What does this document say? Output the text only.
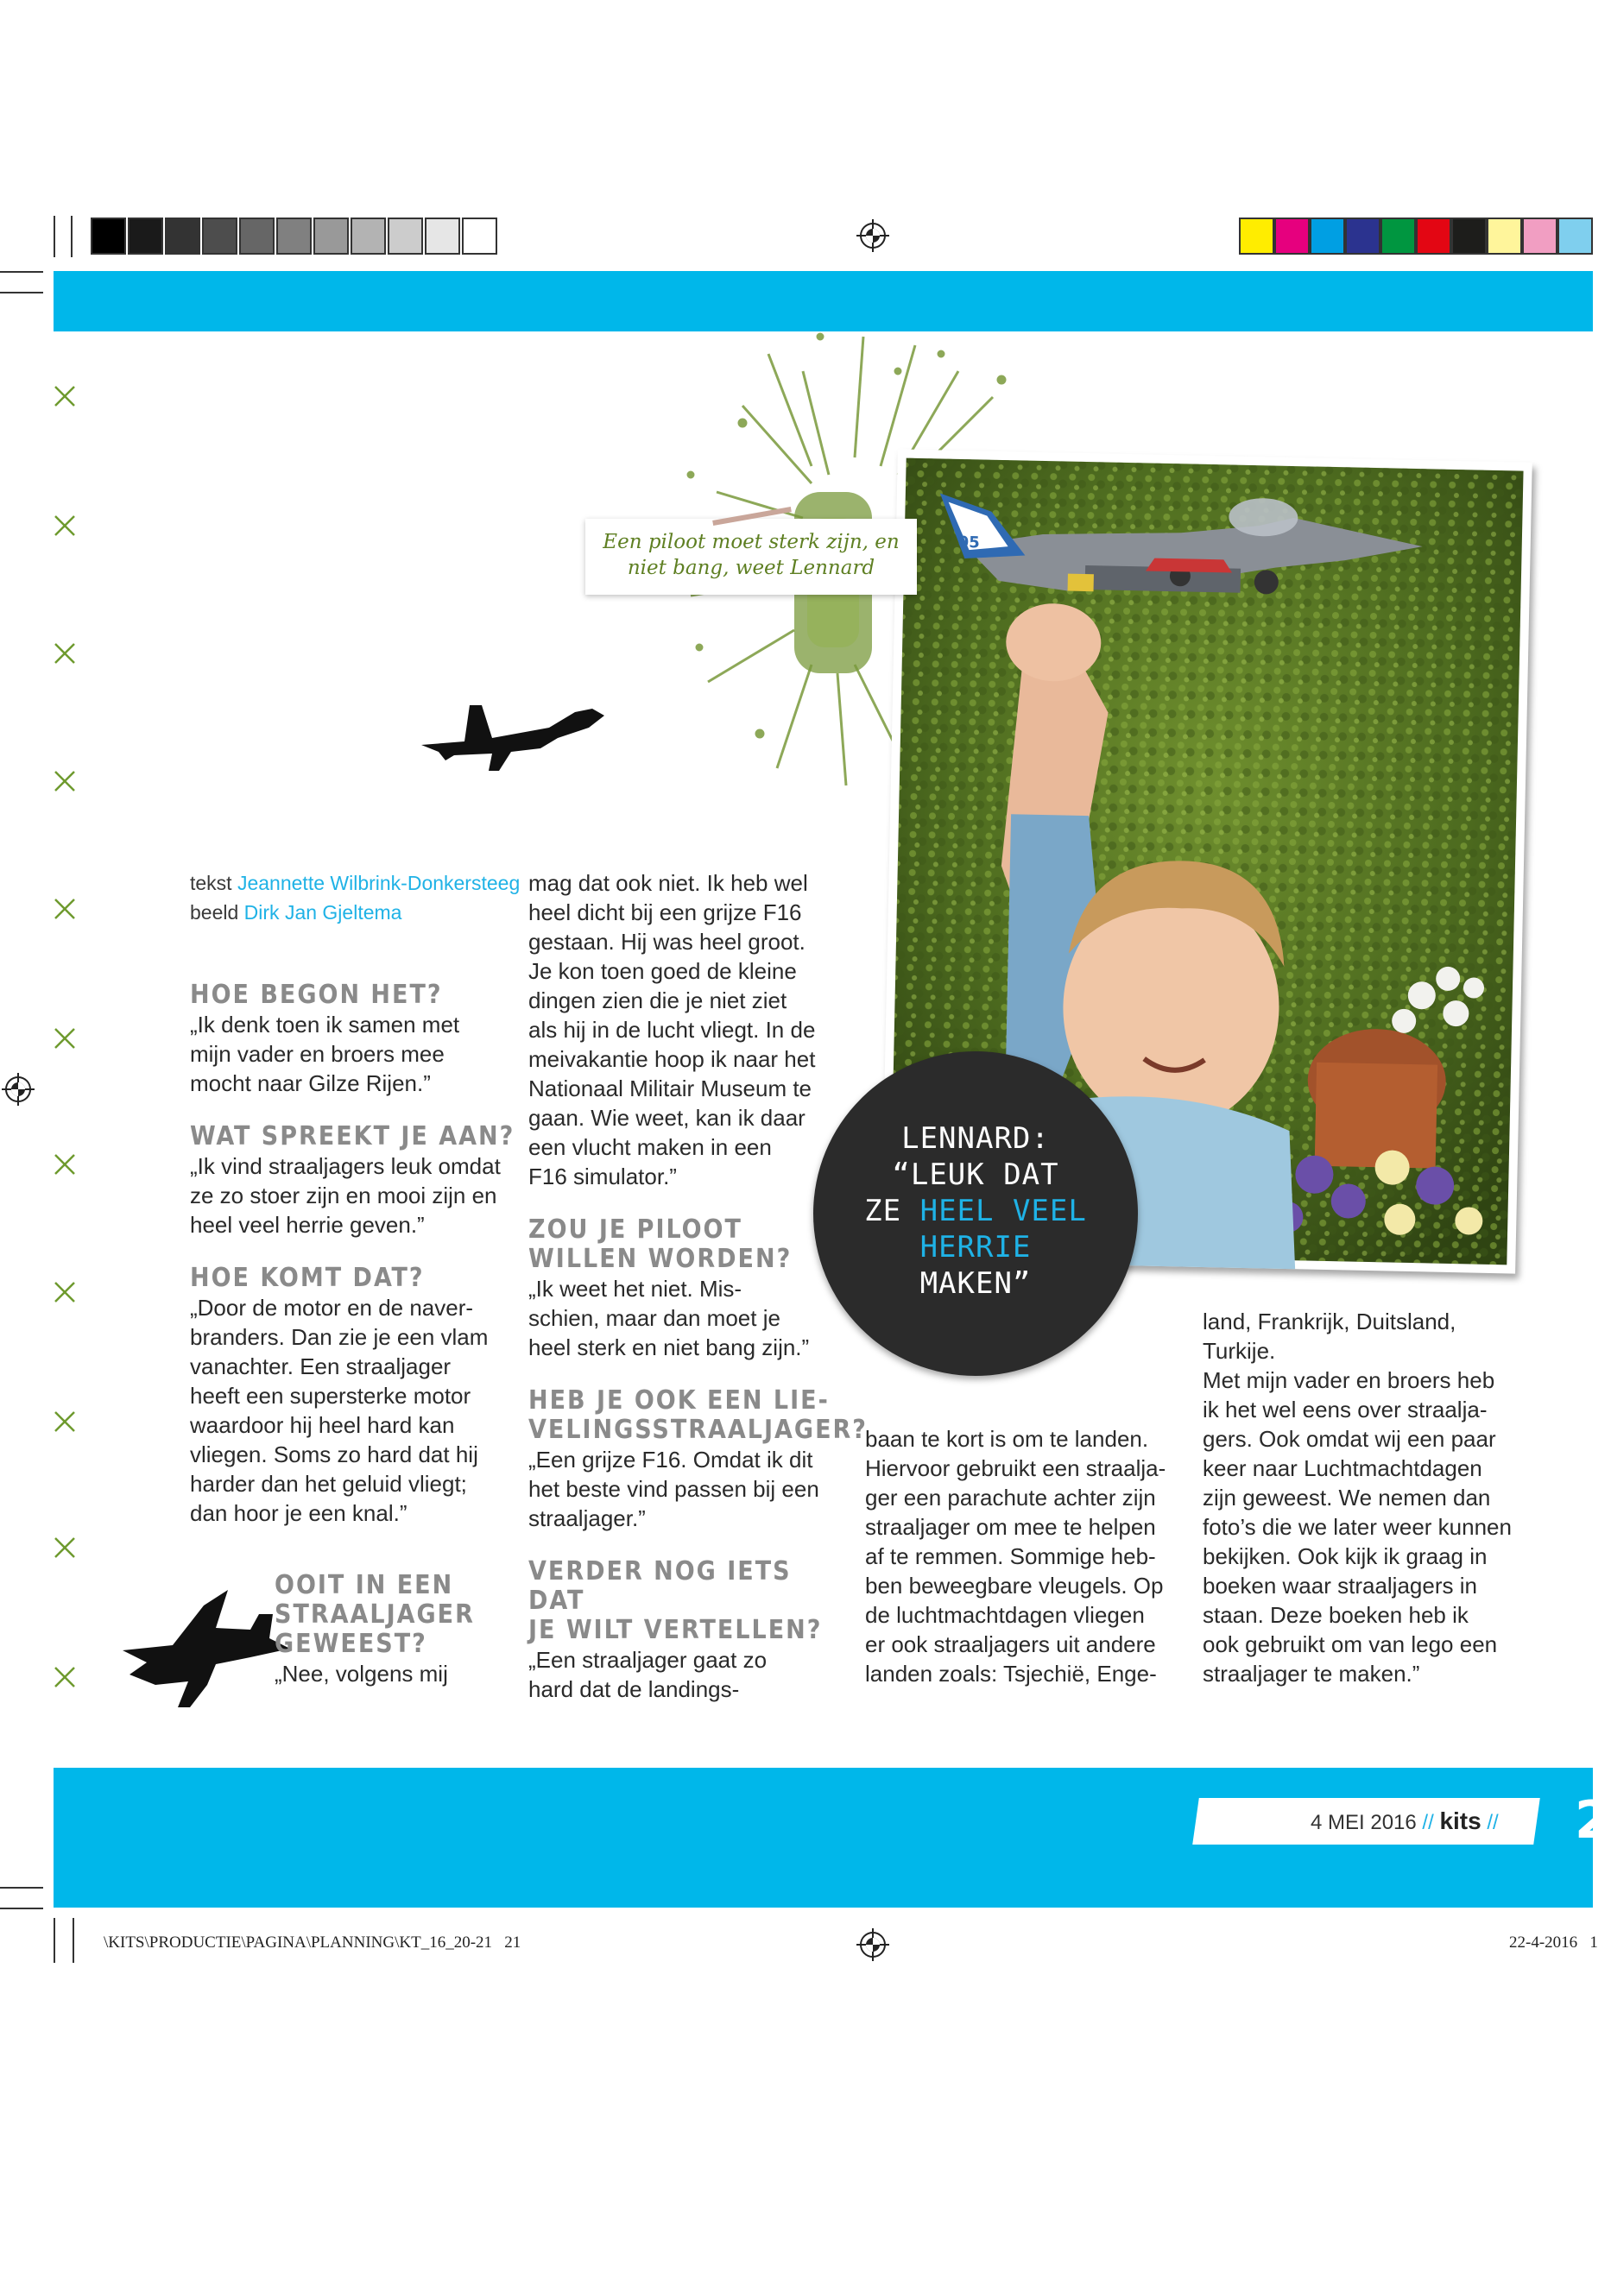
05
Een piloot moet sterk zijn, en
niet bang, weet Lennard
LENNARD:
“LEUK DAT
ZE HEEL VEEL
HERRIE
MAKEN”
tekst Jeannette Wilbrink-Donkersteeg
beeld Dirk Jan Gjeltema
HOE BEGON HET?
„Ik denk toen ik samen met
mijn vader en broers mee
mocht naar Gilze Rijen.”
WAT SPREEKT JE AAN?
„Ik vind straaljagers leuk omdat
ze zo stoer zijn en mooi zijn en
heel veel herrie geven.”
HOE KOMT DAT?
„Door de motor en de naver-
branders. Dan zie je een vlam
vanachter. Een straaljager
heeft een supersterke motor
waardoor hij heel hard kan
vliegen. Soms zo hard dat hij
harder dan het geluid vliegt;
dan hoor je een knal.”
OOIT IN EEN
STRAALJAGER
GEWEEST?
„Nee, volgens mij
mag dat ook niet. Ik heb wel
heel dicht bij een grijze F16
gestaan. Hij was heel groot.
Je kon toen goed de kleine
dingen zien die je niet ziet
als hij in de lucht vliegt. In de
meivakantie hoop ik naar het
Nationaal Militair Museum te
gaan. Wie weet, kan ik daar
een vlucht maken in een
F16 simulator.”
ZOU JE PILOOT
WILLEN WORDEN?
„Ik weet het niet. Mis-
schien, maar dan moet je
heel sterk en niet bang zijn.”
HEB JE OOK EEN LIE-
VELINGSSTRAALJAGER?
„Een grijze F16. Omdat ik dit
het beste vind passen bij een
straaljager.”
VERDER NOG IETS DAT
JE WILT VERTELLEN?
„Een straaljager gaat zo
hard dat de landings-
baan te kort is om te landen.
Hiervoor gebruikt een straalja-
ger een parachute achter zijn
straaljager om mee te helpen
af te remmen. Sommige heb-
ben beweegbare vleugels. Op
de luchtmachtdagen vliegen
er ook straaljagers uit andere
landen zoals: Tsjechië, Enge-
land, Frankrijk, Duitsland,
Turkije.
Met mijn vader en broers heb
ik het wel eens over straalja-
gers. Ook omdat wij een paar
keer naar Luchtmachtdagen
zijn geweest. We nemen dan
foto’s die we later weer kunnen
bekijken. Ook kijk ik graag in
boeken waar straaljagers in
staan. Deze boeken heb ik
ook gebruikt om van lego een
straaljager te maken.”
4 MEI 2016 // kits // 2
\KITS\PRODUCTIE\PAGINA\PLANNING\KT_16_20-21   21	22-4-2016   1
